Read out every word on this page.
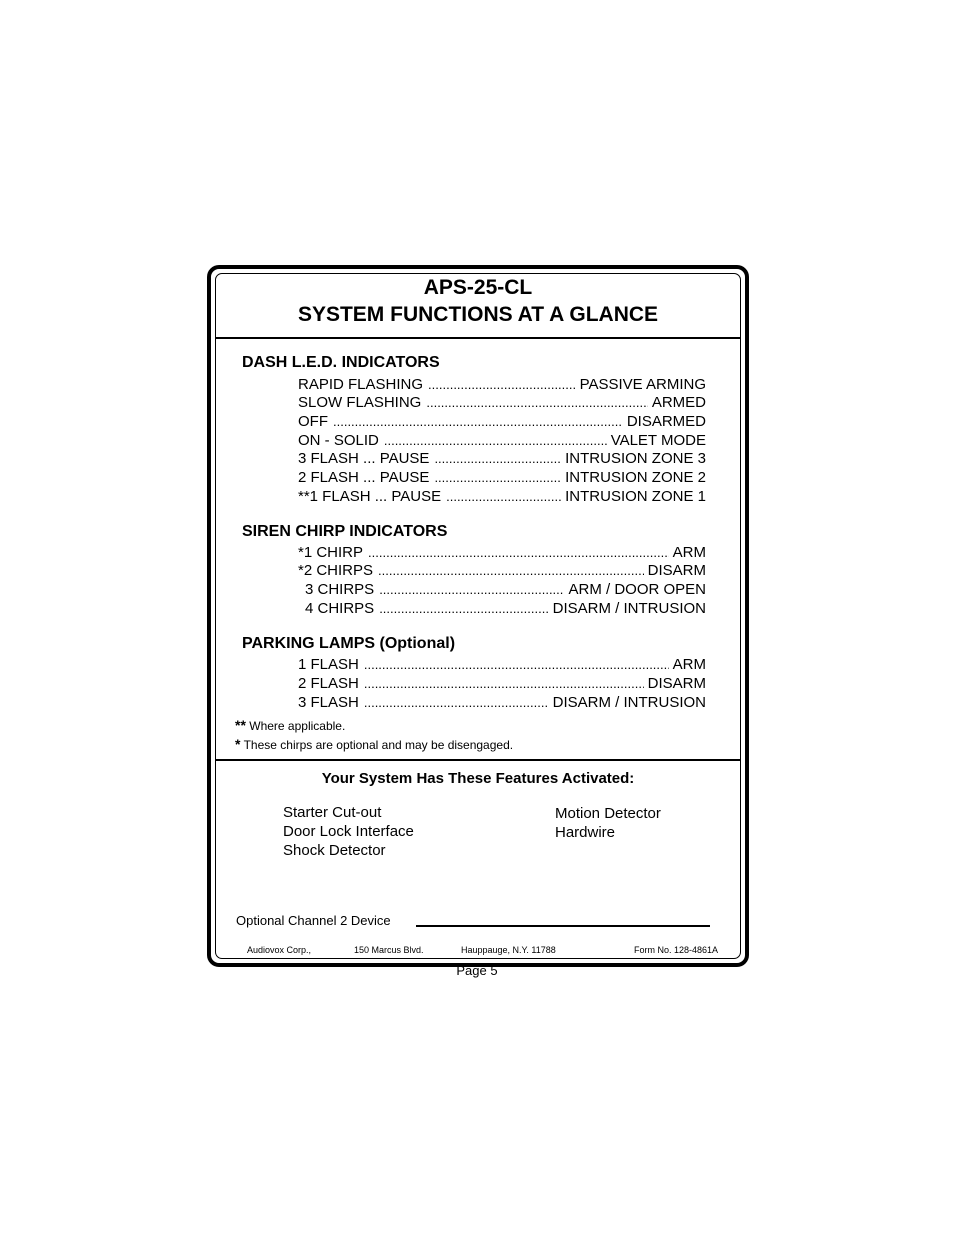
APS-25-CL
SYSTEM FUNCTIONS AT A GLANCE
DASH L.E.D. INDICATORS
RAPID FLASHING .....	PASSIVE ARMING
SLOW FLASHING .....	ARMED
OFF .....	DISARMED
ON - SOLID .....	VALET MODE
3 FLASH ... PAUSE .....	INTRUSION ZONE 3
2 FLASH ... PAUSE .....	INTRUSION ZONE 2
**1 FLASH ... PAUSE .....	INTRUSION ZONE 1
SIREN CHIRP INDICATORS
*1 CHIRP .....	ARM
*2 CHIRPS .....	DISARM
3 CHIRPS .....	ARM / DOOR OPEN
4 CHIRPS .....	DISARM / INTRUSION
PARKING LAMPS (Optional)
1 FLASH .....	ARM
2 FLASH .....	DISARM
3 FLASH .....	DISARM / INTRUSION
** Where applicable.
* These chirps are optional and may be disengaged.
Your System Has These Features Activated:
Starter Cut-out
Door Lock Interface
Shock Detector
Motion Detector
Hardwire
Optional Channel 2 Device
Audiovox Corp.,	150 Marcus Blvd.	Hauppauge, N.Y. 11788	Form No. 128-4861A
Page 5
